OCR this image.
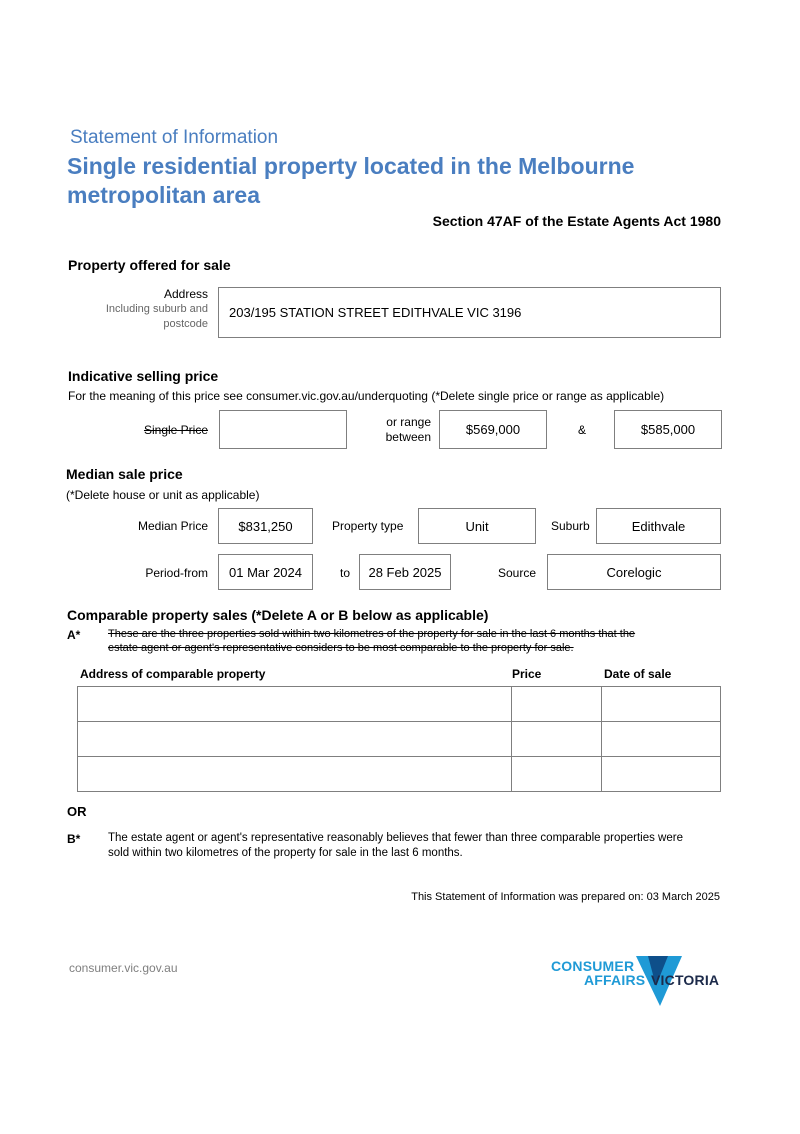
Statement of Information
Single residential property located in the Melbourne
metropolitan area
Section 47AF of the Estate Agents Act 1980
Property offered for sale
Address
Including suburb and
postcode
203/195 STATION STREET EDITHVALE VIC 3196
Indicative selling price
For the meaning of this price see consumer.vic.gov.au/underquoting (*Delete single price or range as applicable)
Single Price
or range
between	$569,000	&	$585,000
Median sale price
(*Delete house or unit as applicable)
Median Price $831,250	Property type	Unit	Suburb	Edithvale
Period-from 01 Mar 2024	to 28 Feb 2025	Source	Corelogic
Comparable property sales (*Delete A or B below as applicable)
A*	These are the three properties sold within two kilometres of the property for sale in the last 6 months that the
estate agent or agent's representative considers to be most comparable to the property for sale.
Address of comparable property	Price	Date of sale

OR
B* The estate agent or agent's representative reasonably believes that fewer than three comparable properties were
sold within two kilometres of the property for sale in the last 6 months.
This Statement of Information was prepared on: 03 March 2025
consumer.vic.gov.au	CONSUMER
AFFAIRS VICTORIA
